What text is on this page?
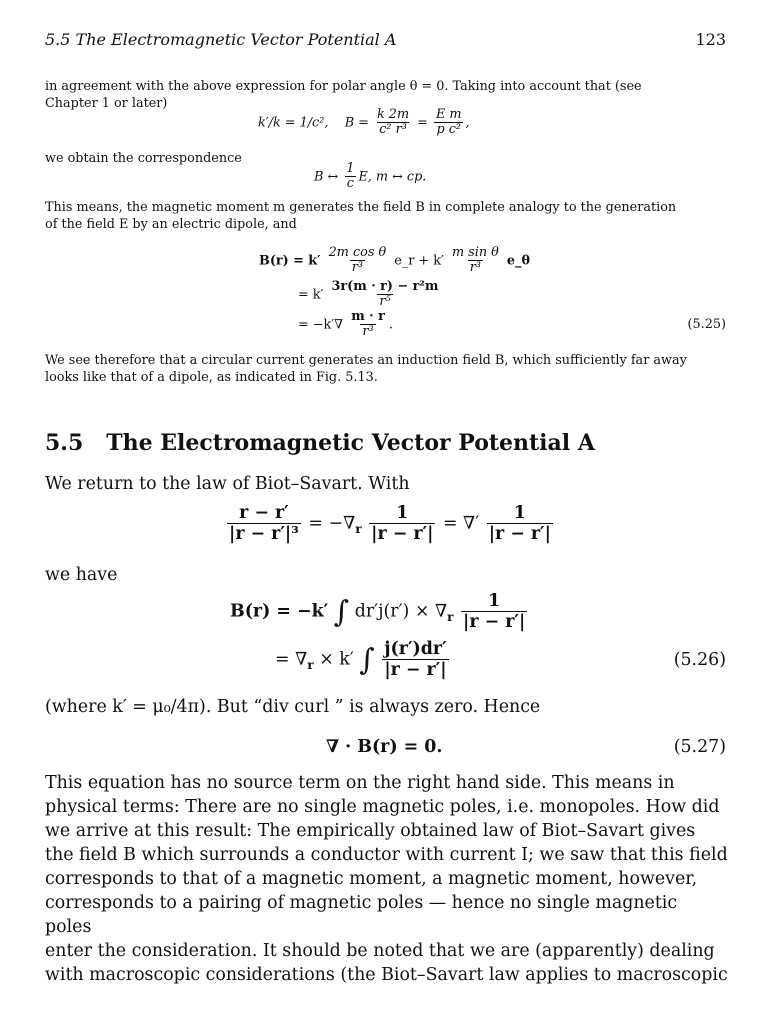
5.5 The Electromagnetic Vector Potential A	123
in agreement with the above expression for polar angle θ = 0. Taking into account that (see
Chapter 1 or later)
k′/k = 1/c²,    $B = \frac{k 2m}{\text{c² r³}} = \frac{\text{E m}}{\text{p c²}}$ ,
we obtain the correspondence
B ↔ $\frac{1}{c} E$, m ↔ cp.
This means, the magnetic moment m generates the field B in complete analogy to the generation
of the field E by an electric dipole, and
$B(r) = k' \frac{\text{2m cos θ}}{\text{r³}}$ e_r + $k' \frac{\text{m sin θ}}{\text{r³}}$ e_θ
= $k' \frac{\text{3r(m · r) − r²m}}{\text{r⁵}}$
= $-k'\nabla \frac{m \cdot r}{\text{r³}}$ .	(5.25)
We see therefore that a circular current generates an induction field B, which sufficiently far away
looks like that of a dipole, as indicated in Fig. 5.13.
5.5 The Electromagnetic Vector Potential A
We return to the law of Biot–Savart. With
$\frac{r - r'}{\text{|r − r′|³}} = -\nabla_r \frac{1}{|r - r'|}$ = ∇′ $\frac{1}{|r - r'|}$
we have
B(r) = −k′ ∫ $dr'j(r') \times \nabla_r \frac{1}{|r - r'|}$
= $\nabla_r \times k'$ ∫ $\frac{j(r')dr'}{|r - r'|}$	(5.26)
(where k′ = μ₀/4π). But “div curl ” is always zero. Hence
∇ · B(r) = 0.	(5.27)
This equation has no source term on the right hand side. This means in
physical terms: There are no single magnetic poles, i.e. monopoles. How did
we arrive at this result: The empirically obtained law of Biot–Savart gives
the field B which surrounds a conductor with current I; we saw that this field
corresponds to that of a magnetic moment, a magnetic moment, however,
corresponds to a pairing of magnetic poles — hence no single magnetic poles
enter the consideration. It should be noted that we are (apparently) dealing
with macroscopic considerations (the Biot–Savart law applies to macroscopic
